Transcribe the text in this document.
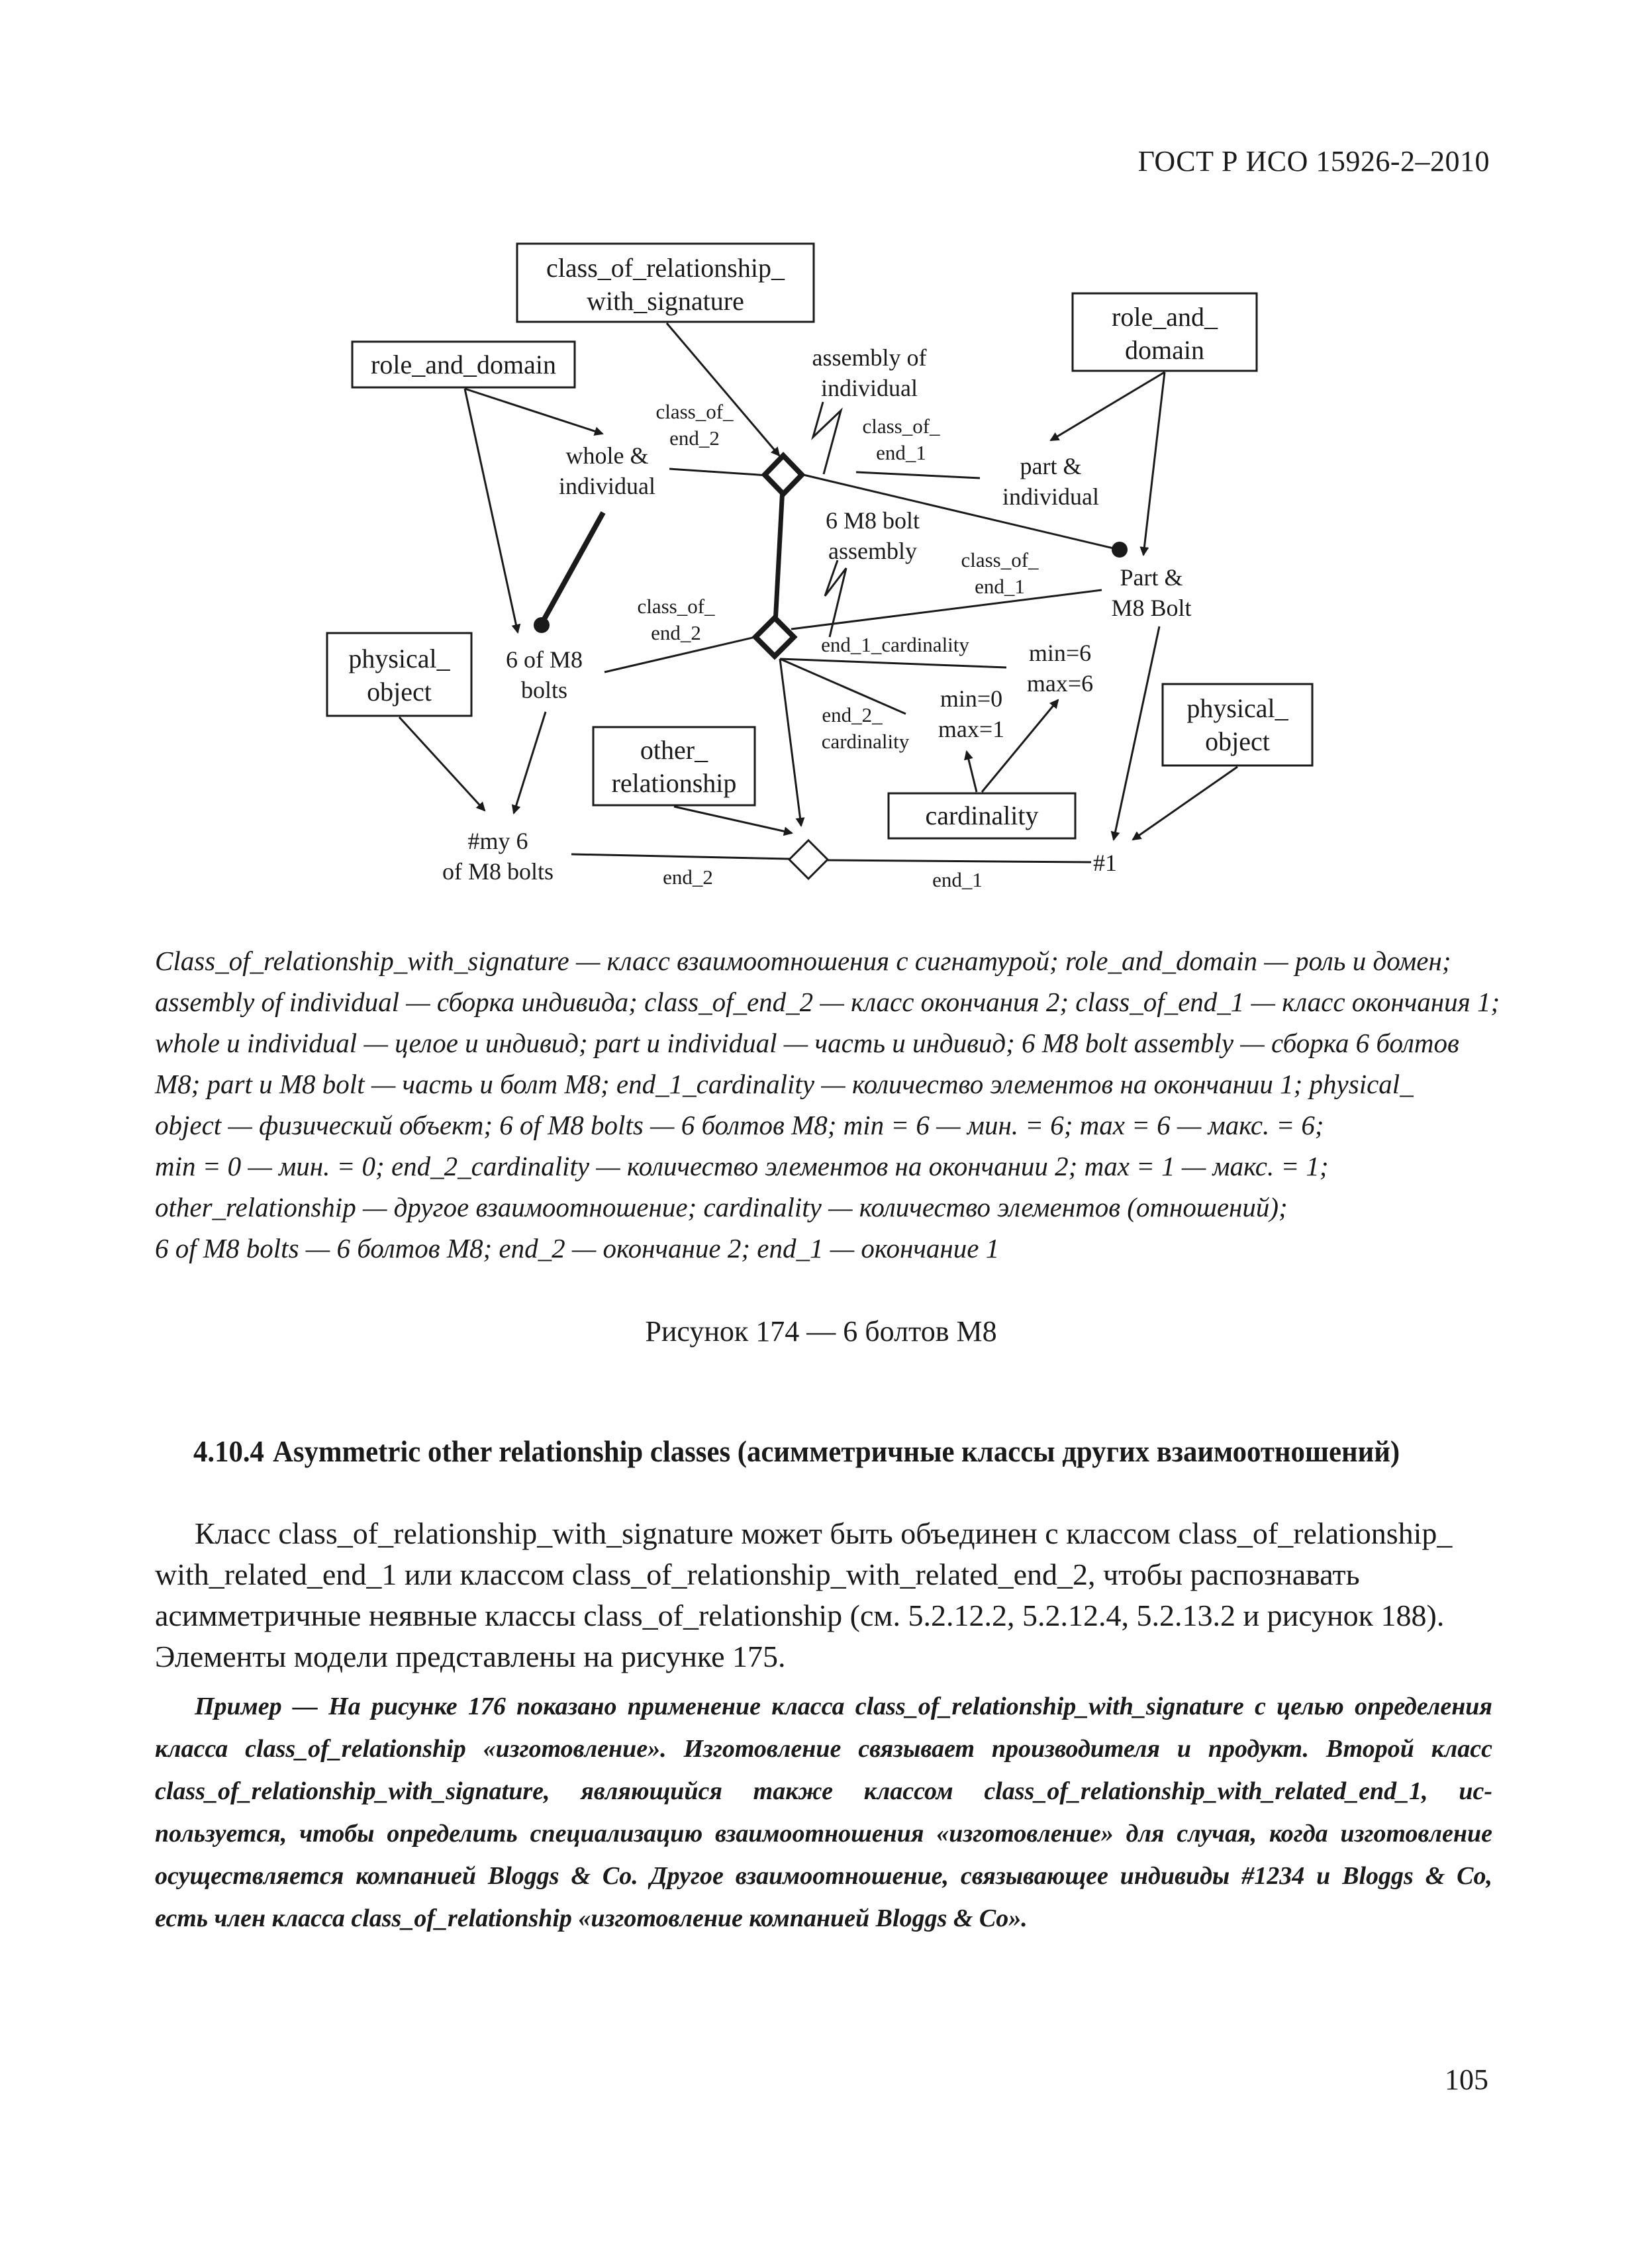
ГОСТ Р ИСО 15926-2–2010
class_of_relationship_
with_signature
role_and_domain
role_and_
domain
physical_
object
physical_
object
other_
relationship
cardinality
assembly of
individual
class_of_
end_2
class_of_
end_1
whole &
individual
part &
individual
6 M8 bolt
assembly class_of_
end_1	Part &
M8 Bolt
class_of_
end_2
end_1_cardinality min=6
max=6
6 of M8
bolts
end_2_
cardinality
min=0
max=1
#my 6
of M8 bolts	end_2	end_1
#1
Class_of_relationship_with_signature — класс взаимоотношения с сигнатурой; role_and_domain — роль и домен;
assembly of individual — сборка индивида; class_of_end_2 — класс окончания 2; class_of_end_1 — класс окончания 1;
whole и individual — целое и индивид; part и individual — часть и индивид; 6 M8 bolt assembly — сборка 6 болтов
M8; part и M8 bolt — часть и болт M8; end_1_cardinality — количество элементов на окончании 1; physical_
object — физический объект; 6 of M8 bolts — 6 болтов M8; min = 6 — мин. = 6; max = 6 — макс. = 6;
min = 0 — мин. = 0; end_2_cardinality — количество элементов на окончании 2; max = 1 — макс. = 1;
other_relationship — другое взаимоотношение; cardinality — количество элементов (отношений);
6 of M8 bolts — 6 болтов M8; end_2 — окончание 2; end_1 — окончание 1
Рисунок 174 — 6 болтов M8
4.10.4 Asymmetric other relationship classes (асимметричные классы других взаимоотношений)
Класс class_of_relationship_with_signature может быть объединен с классом class_of_relationship_
with_related_end_1 или классом class_of_relationship_with_related_end_2, чтобы распознавать
асимметричные неявные классы class_of_relationship (см. 5.2.12.2, 5.2.12.4, 5.2.13.2 и рисунок 188).
Элементы модели представлены на рисунке 175.
Пример — На рисунке 176 показано применение класса class_of_relationship_with_signature с целью определения
класса class_of_relationship «изготовление». Изготовление связывает производителя и продукт. Второй класс
class_of_relationship_with_signature, являющийся также классом class_of_relationship_with_related_end_1, ис-
пользуется, чтобы определить специализацию взаимоотношения «изготовление» для случая, когда изготовление
осуществляется компанией Bloggs & Co. Другое взаимоотношение, связывающее индивиды #1234 и Bloggs & Co,
есть член класса class_of_relationship «изготовление компанией Bloggs & Co».
105
